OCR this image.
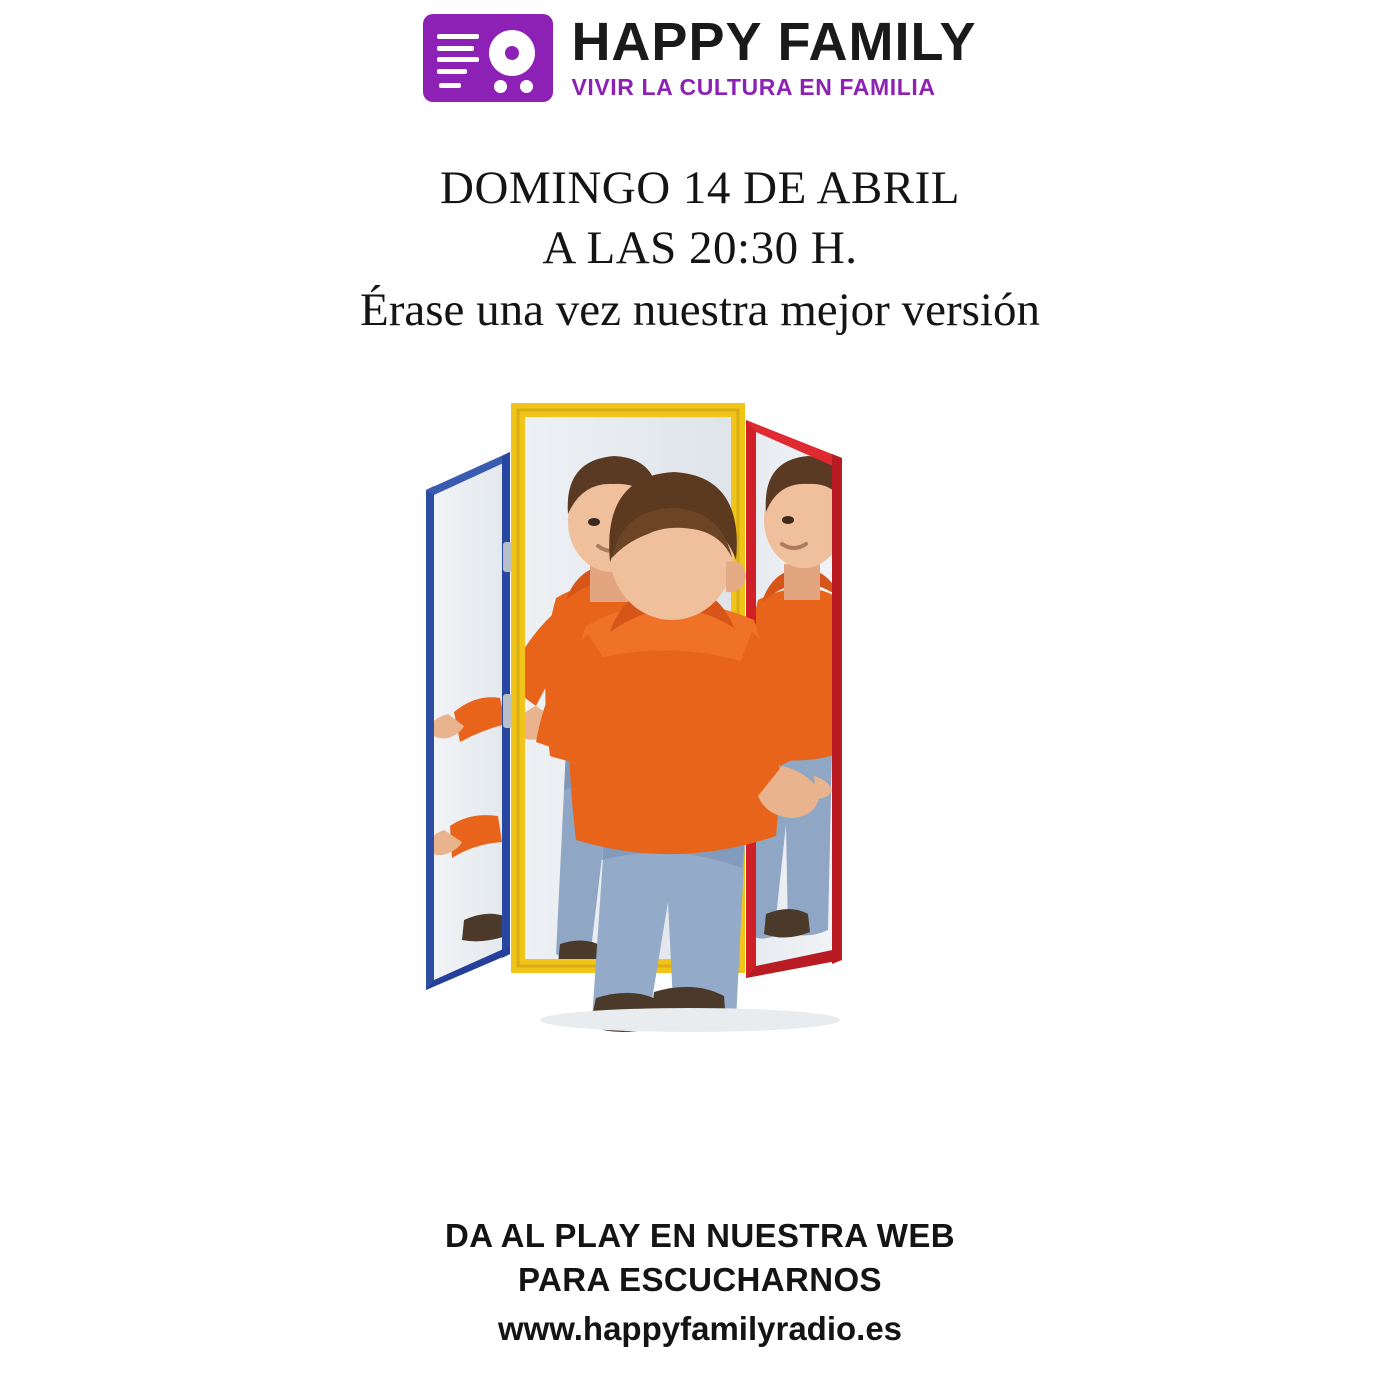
HAPPY FAMILY
VIVIR LA CULTURA EN FAMILIA
DOMINGO 14 DE ABRIL
A LAS 20:30 H.
Érase una vez nuestra mejor versión
DA AL PLAY EN NUESTRA WEB
PARA ESCUCHARNOS
www.happyfamilyradio.es
